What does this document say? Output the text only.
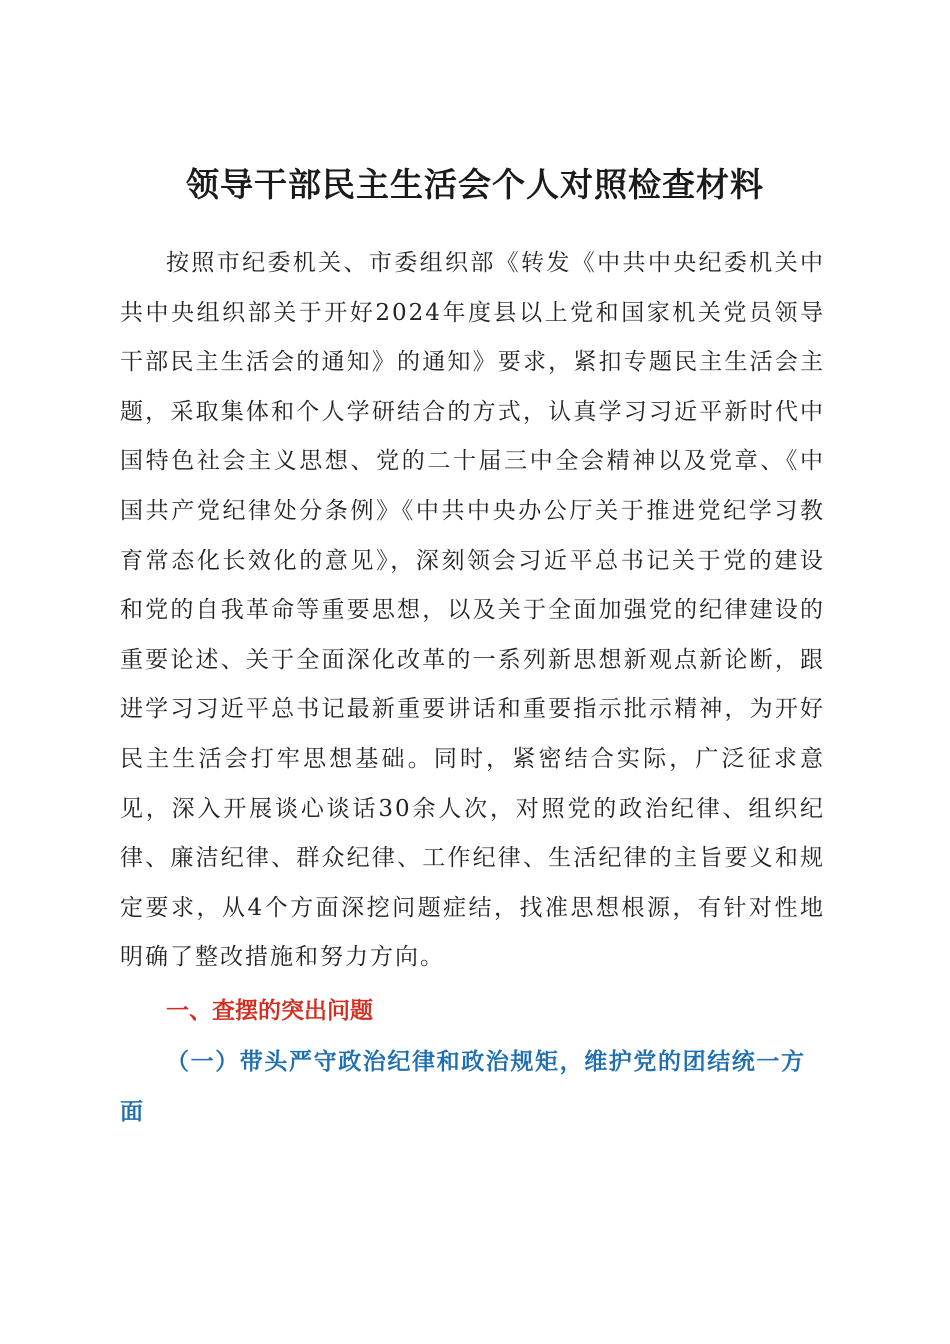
领导干部民主生活会个人对照检查材料

按照市纪委机关、市委组织部《转发《中共中央纪委机关中共中央组织部关于开好2024年度县以上党和国家机关党员领导干部民主生活会的通知》的通知》要求，紧扣专题民主生活会主题，采取集体和个人学研结合的方式，认真学习习近平新时代中国特色社会主义思想、党的二十届三中全会精神以及党章、《中国共产党纪律处分条例》《中共中央办公厅关于推进党纪学习教育常态化长效化的意见》，深刻领会习近平总书记关于党的建设和党的自我革命等重要思想，以及关于全面加强党的纪律建设的重要论述、关于全面深化改革的一系列新思想新观点新论断，跟进学习习近平总书记最新重要讲话和重要指示批示精神，为开好民主生活会打牢思想基础。同时，紧密结合实际，广泛征求意见，深入开展谈心谈话30余人次，对照党的政治纪律、组织纪律、廉洁纪律、群众纪律、工作纪律、生活纪律的主旨要义和规定要求，从4个方面深挖问题症结，找准思想根源，有针对性地明确了整改措施和努力方向。

一、查摆的突出问题
（一）带头严守政治纪律和政治规矩，维护党的团结统一方面
